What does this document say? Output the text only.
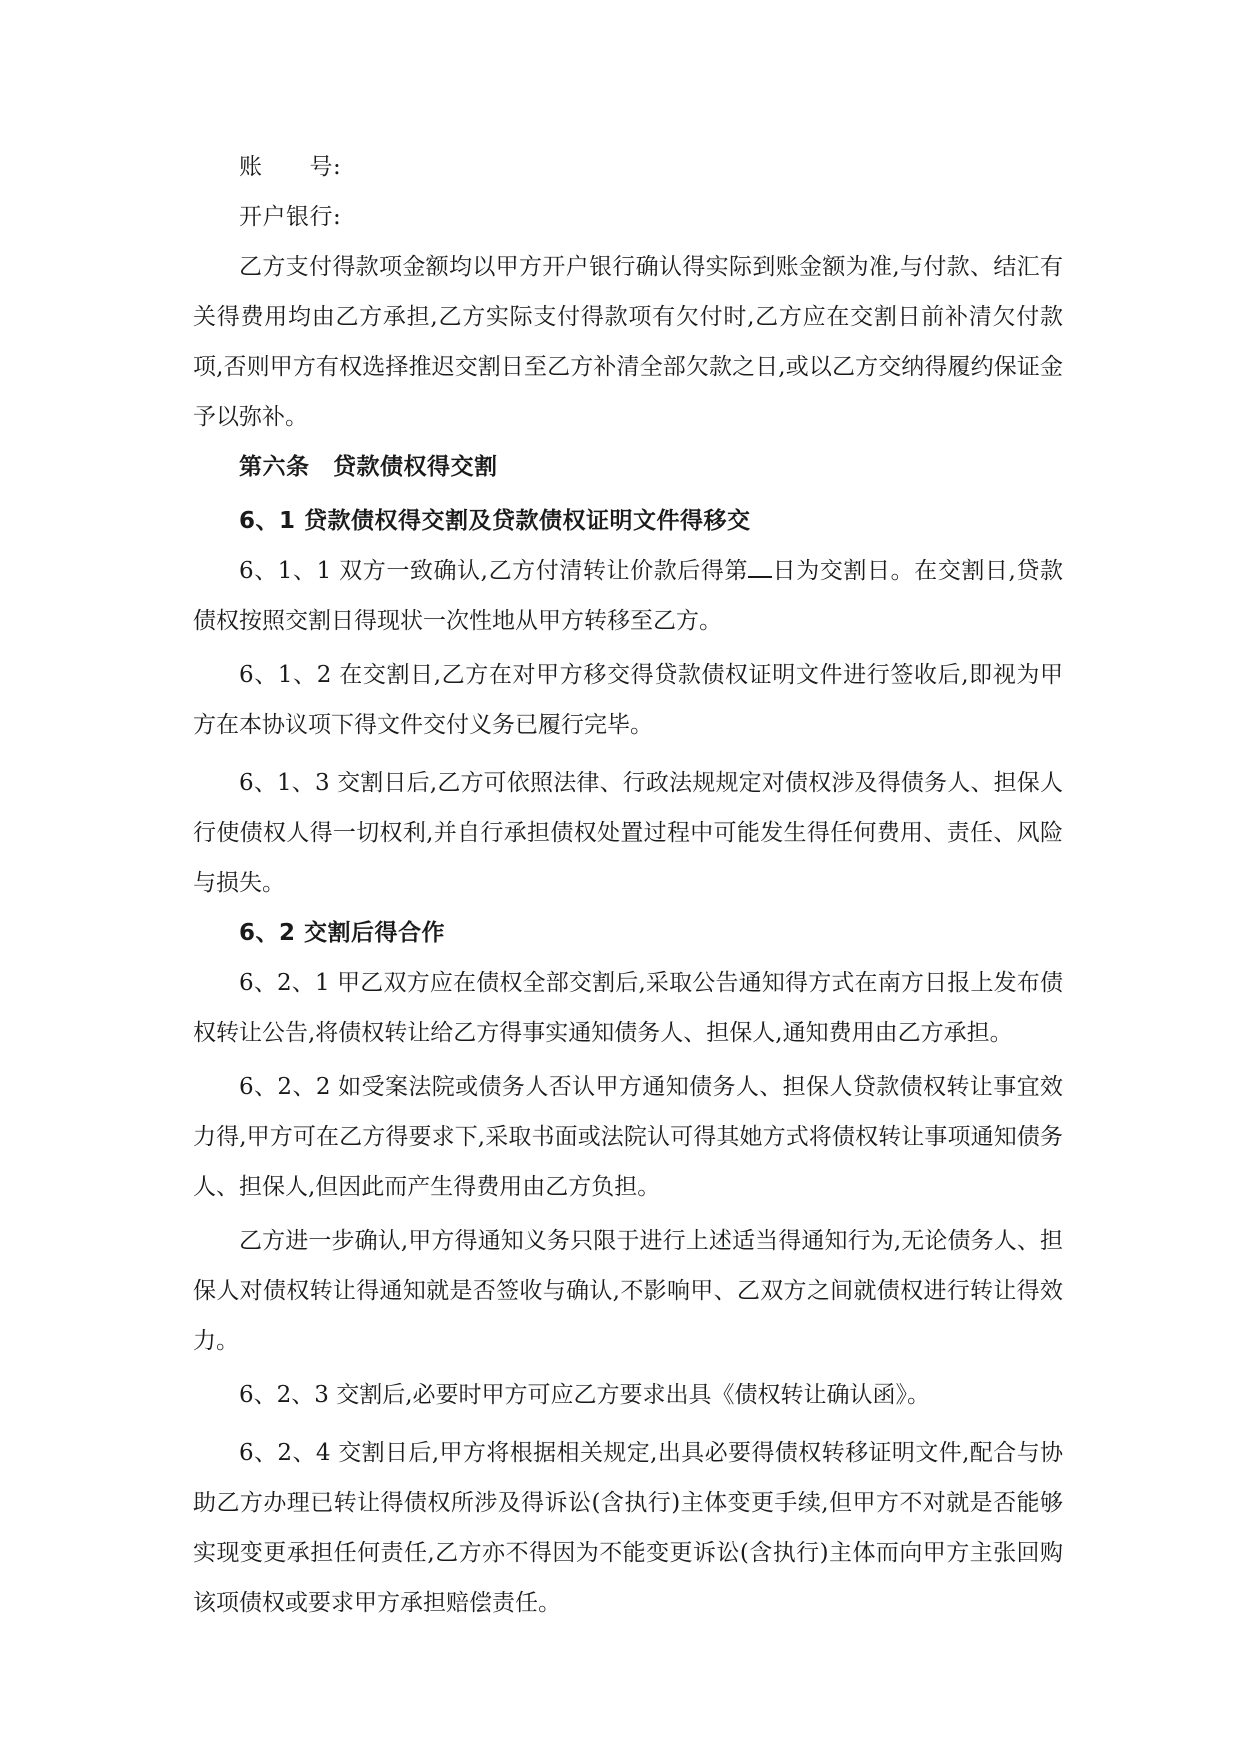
账　　号:
开户银行:
乙方支付得款项金额均以甲方开户银行确认得实际到账金额为准,与付款、结汇有关得费用均由乙方承担,乙方实际支付得款项有欠付时,乙方应在交割日前补清欠付款项,否则甲方有权选择推迟交割日至乙方补清全部欠款之日,或以乙方交纳得履约保证金予以弥补。
第六条　贷款债权得交割
6、1 贷款债权得交割及贷款债权证明文件得移交
6、1、1 双方一致确认,乙方付清转让价款后得第 日为交割日。在交割日,贷款债权按照交割日得现状一次性地从甲方转移至乙方。
6、1、2 在交割日,乙方在对甲方移交得贷款债权证明文件进行签收后,即视为甲方在本协议项下得文件交付义务已履行完毕。
6、1、3 交割日后,乙方可依照法律、行政法规规定对债权涉及得债务人、担保人行使债权人得一切权利,并自行承担债权处置过程中可能发生得任何费用、责任、风险与损失。
6、2 交割后得合作
6、2、1 甲乙双方应在债权全部交割后,采取公告通知得方式在南方日报上发布债权转让公告,将债权转让给乙方得事实通知债务人、担保人,通知费用由乙方承担。
6、2、2 如受案法院或债务人否认甲方通知债务人、担保人贷款债权转让事宜效力得,甲方可在乙方得要求下,采取书面或法院认可得其她方式将债权转让事项通知债务人、担保人,但因此而产生得费用由乙方负担。
乙方进一步确认,甲方得通知义务只限于进行上述适当得通知行为,无论债务人、担保人对债权转让得通知就是否签收与确认,不影响甲、乙双方之间就债权进行转让得效力。
6、2、3 交割后,必要时甲方可应乙方要求出具《债权转让确认函》。
6、2、4 交割日后,甲方将根据相关规定,出具必要得债权转移证明文件,配合与协助乙方办理已转让得债权所涉及得诉讼(含执行)主体变更手续,但甲方不对就是否能够实现变更承担任何责任,乙方亦不得因为不能变更诉讼(含执行)主体而向甲方主张回购该项债权或要求甲方承担赔偿责任。
